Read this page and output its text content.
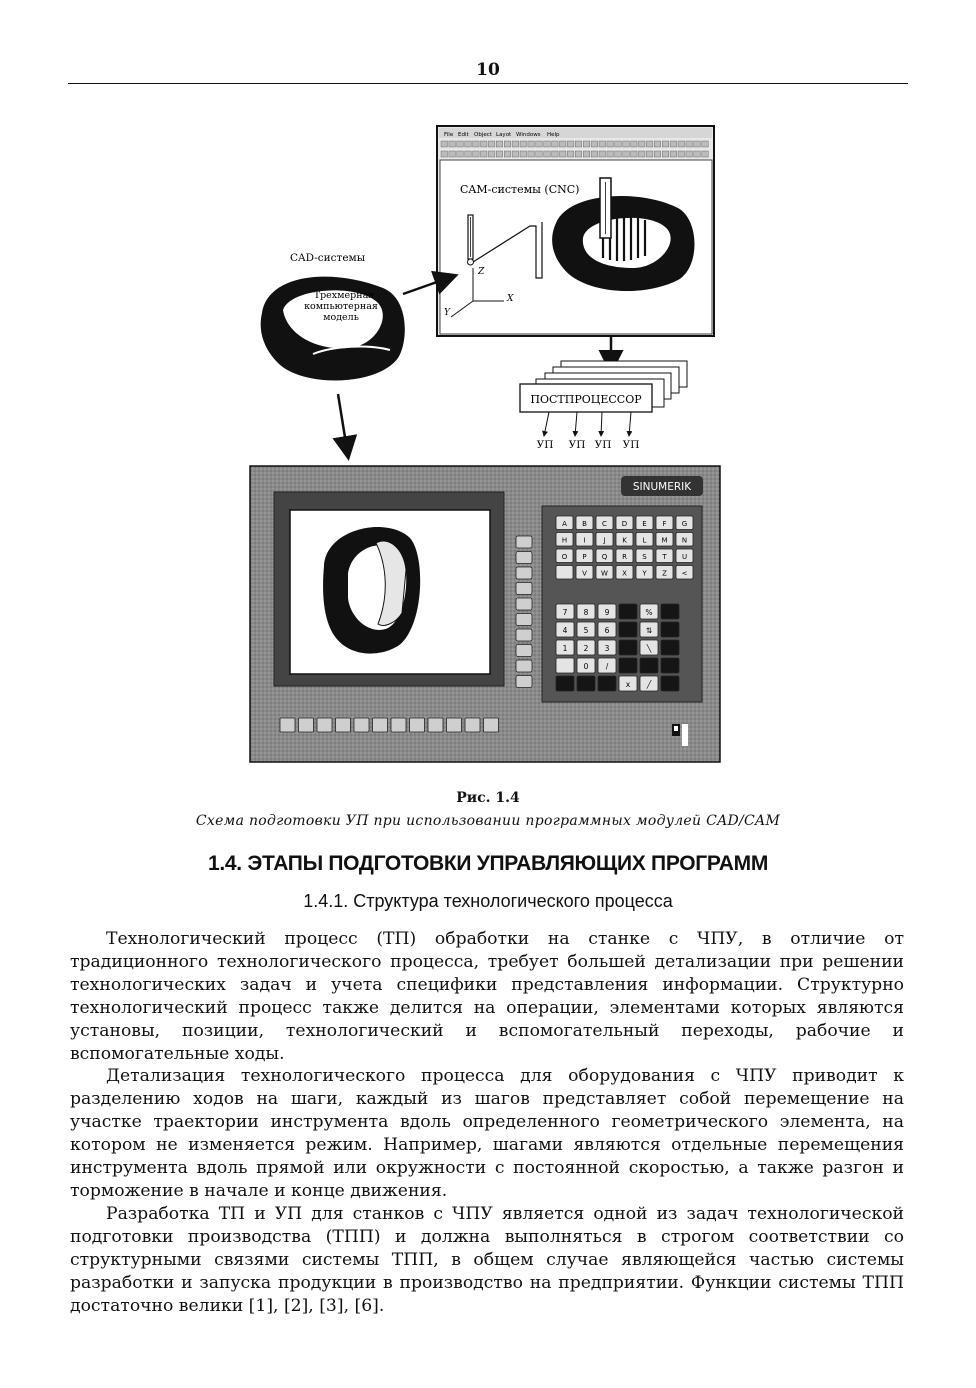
10
File Edit Object Layot Windows Help
CAM-системы (CNC)
Z
X
Y
CAD-системы
Трехмерная
компьютерная
модель
ПОСТПРОЦЕССОР
УП УП УП УП
SINUMERIK
A B C D E F G
H I	J K L M N
O P Q R S T U
V W X Y Z <
7 8 9	%
4 5 6	⇅
1 2 3	╲
0 /
x ╱
Рис. 1.4
Схема подготовки УП при использовании программных модулей CAD/CAM
1.4. ЭТАПЫ ПОДГОТОВКИ УПРАВЛЯЮЩИХ ПРОГРАММ
1.4.1. Структура технологического процесса

Технологический процесс (ТП) обработки на станке с ЧПУ, в отличие от традиционного технологического процесса, требует большей детализации при решении технологических задач и учета специфики представления информации. Структурно технологический процесс также делится на операции, элементами которых являются установы, позиции, технологический и вспомогательный переходы, рабочие и вспомогательные ходы.

Детализация технологического процесса для оборудования с ЧПУ приводит к разделению ходов на шаги, каждый из шагов представляет собой перемещение на участке траектории инструмента вдоль определенного геометрического элемента, на котором не изменяется режим. Например, шагами являются отдельные перемещения инструмента вдоль прямой или окружности с постоянной скоростью, а также разгон и торможение в начале и конце движения.

Разработка ТП и УП для станков с ЧПУ является одной из задач технологической подготовки производства (ТПП) и должна выполняться в строгом соответствии со структурными связями системы ТПП, в общем случае являющейся частью системы разработки и запуска продукции в производство на предприятии. Функции системы ТПП достаточно велики [1], [2], [3], [6].
